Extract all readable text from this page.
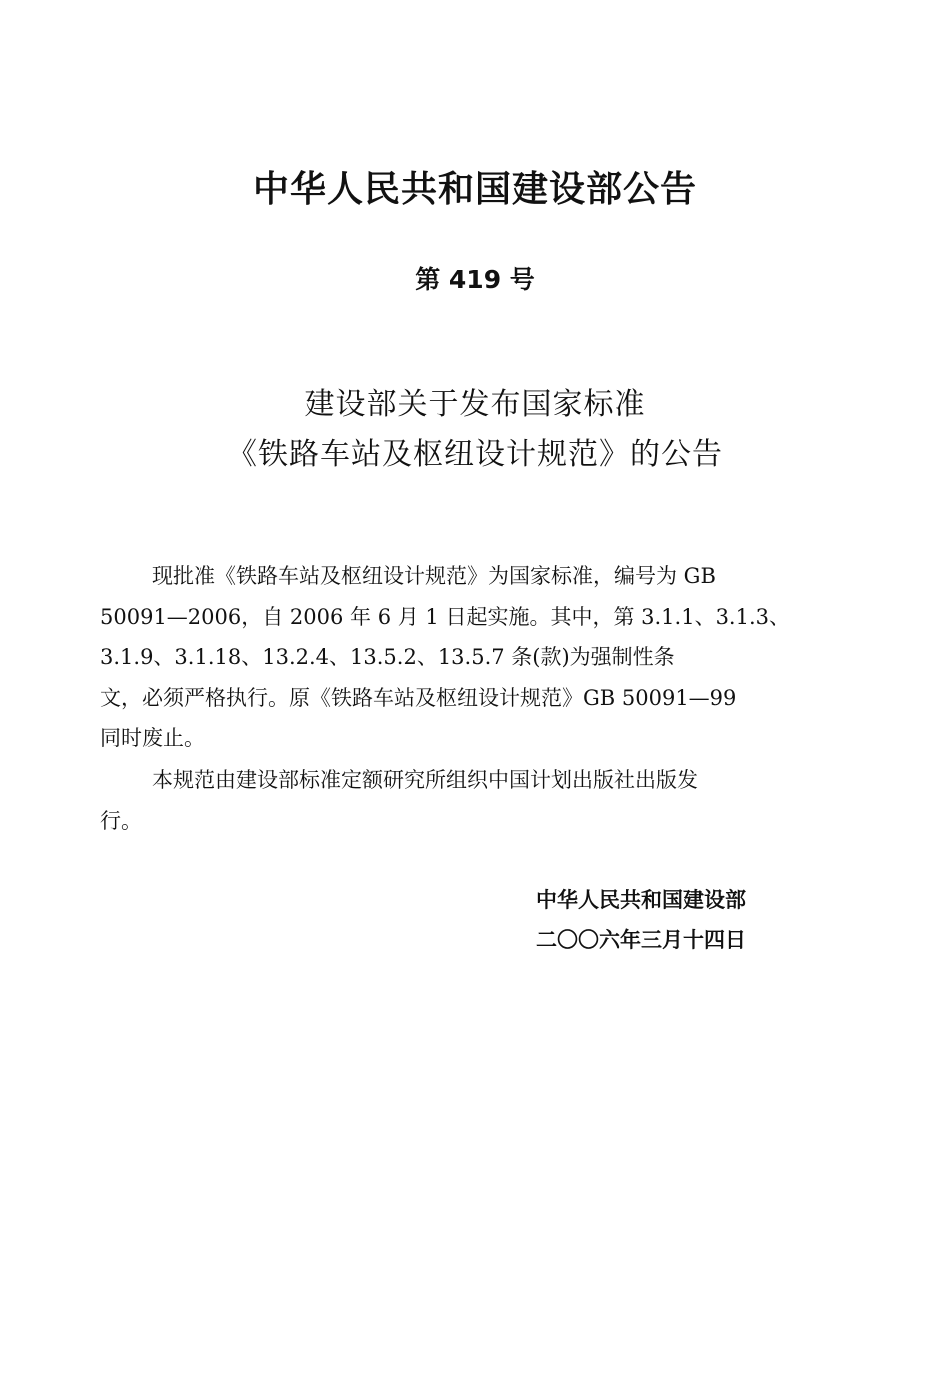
中华人民共和国建设部公告
第 419 号
建设部关于发布国家标准
《铁路车站及枢纽设计规范》的公告
现批准《铁路车站及枢纽设计规范》为国家标准，编号为 GB
50091—2006，自 2006 年 6 月 1 日起实施。其中，第 3.1.1、3.1.3、
3.1.9、3.1.18、13.2.4、13.5.2、13.5.7 条(款)为强制性条
文，必须严格执行。原《铁路车站及枢纽设计规范》GB 50091—99
同时废止。
本规范由建设部标准定额研究所组织中国计划出版社出版发
行。
中华人民共和国建设部
二〇〇六年三月十四日
